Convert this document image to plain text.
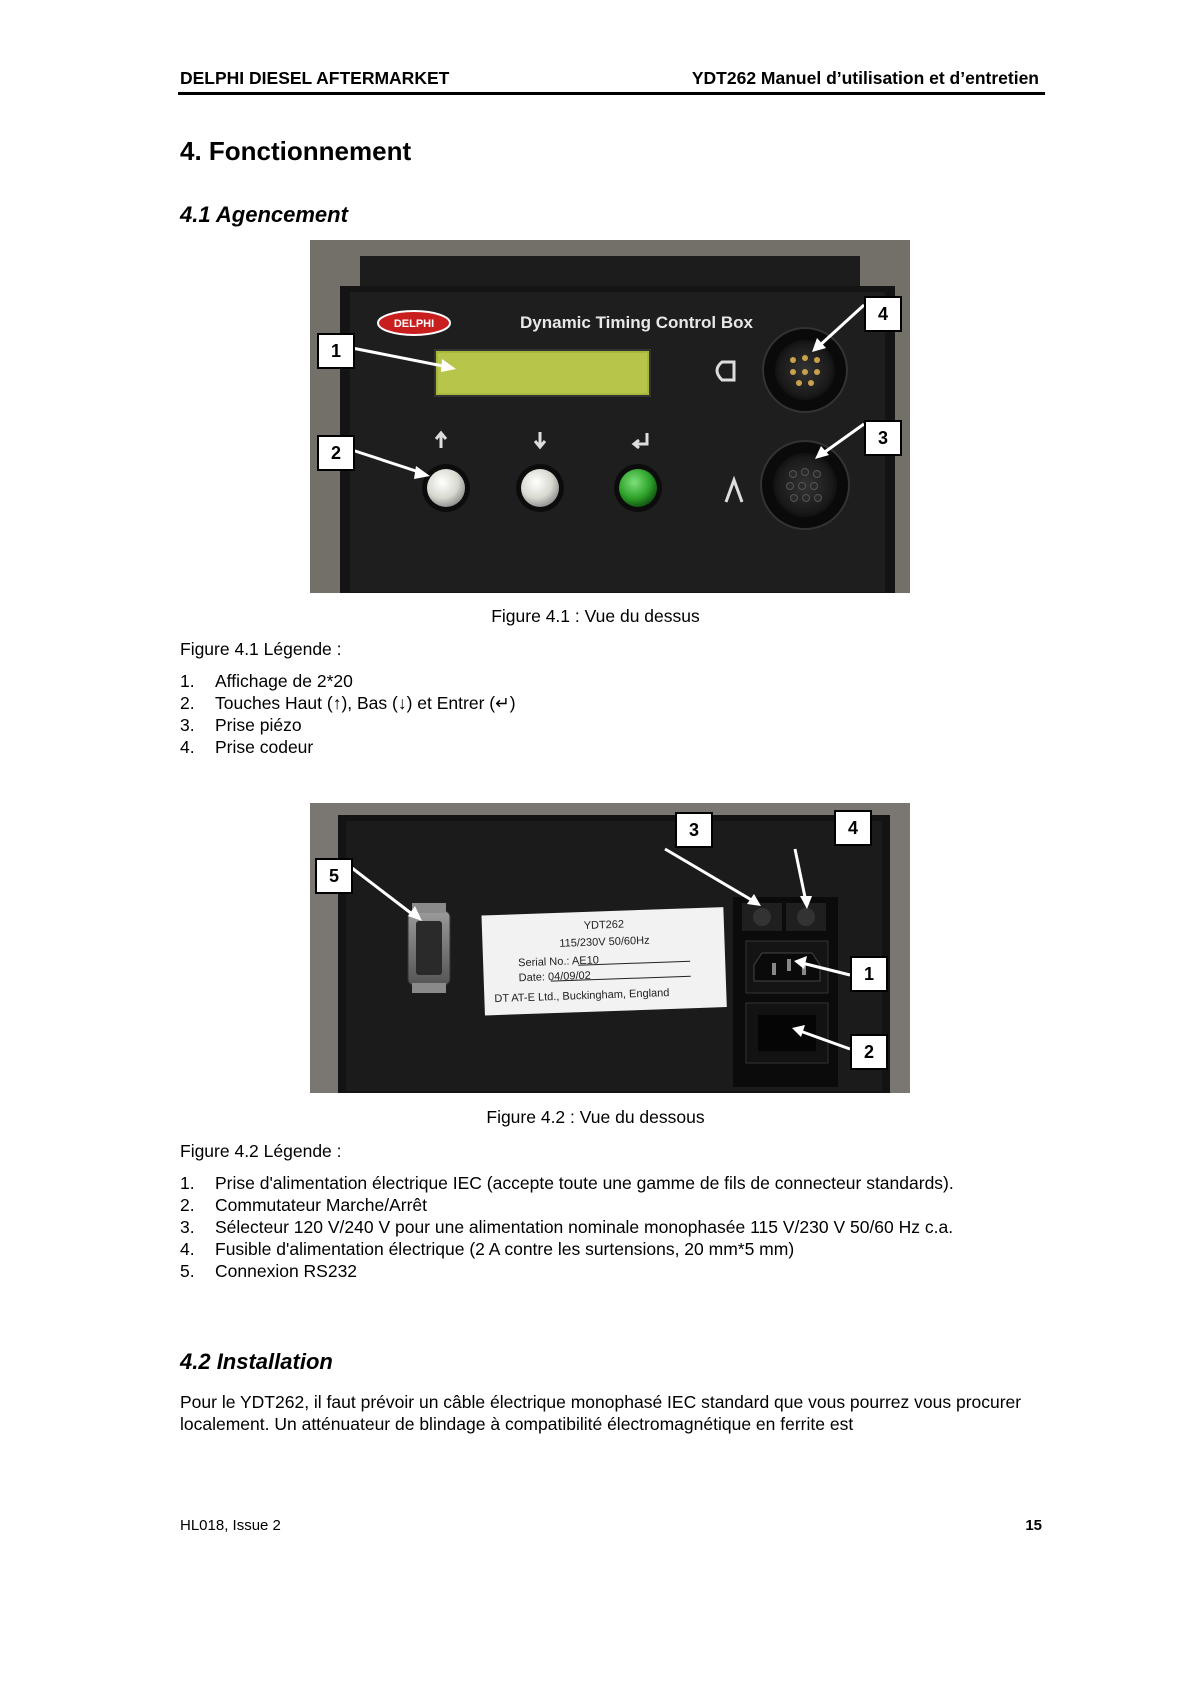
DELPHI DIESEL AFTERMARKET	YDT262 Manuel d’utilisation et d’entretien
4. Fonctionnement
4.1 Agencement
DELPHI	Dynamic Timing Control Box
1
2
3
4
Figure 4.1 : Vue du dessus
Figure 4.1 Légende :
1. Affichage de 2*20
2. Touches Haut (↑), Bas (↓) et Entrer (↵)
3. Prise piézo
4. Prise codeur
YDT262
115/230V 50/60Hz
Serial No.: AE10
Date: 04/09/02
DT AT-E Ltd., Buckingham, England
5
3	4
1
2
Figure 4.2 : Vue du dessous
Figure 4.2 Légende :
1. Prise d'alimentation électrique IEC (accepte toute une gamme de fils de connecteur standards).
2. Commutateur Marche/Arrêt
3. Sélecteur 120 V/240 V pour une alimentation nominale monophasée 115 V/230 V 50/60 Hz c.a.
4. Fusible d'alimentation électrique (2 A contre les surtensions, 20 mm*5 mm)
5. Connexion RS232
4.2 Installation
Pour le YDT262, il faut prévoir un câble électrique monophasé IEC standard que vous pourrez vous procurer localement. Un atténuateur de blindage à compatibilité électromagnétique en ferrite est
HL018, Issue 2	15
